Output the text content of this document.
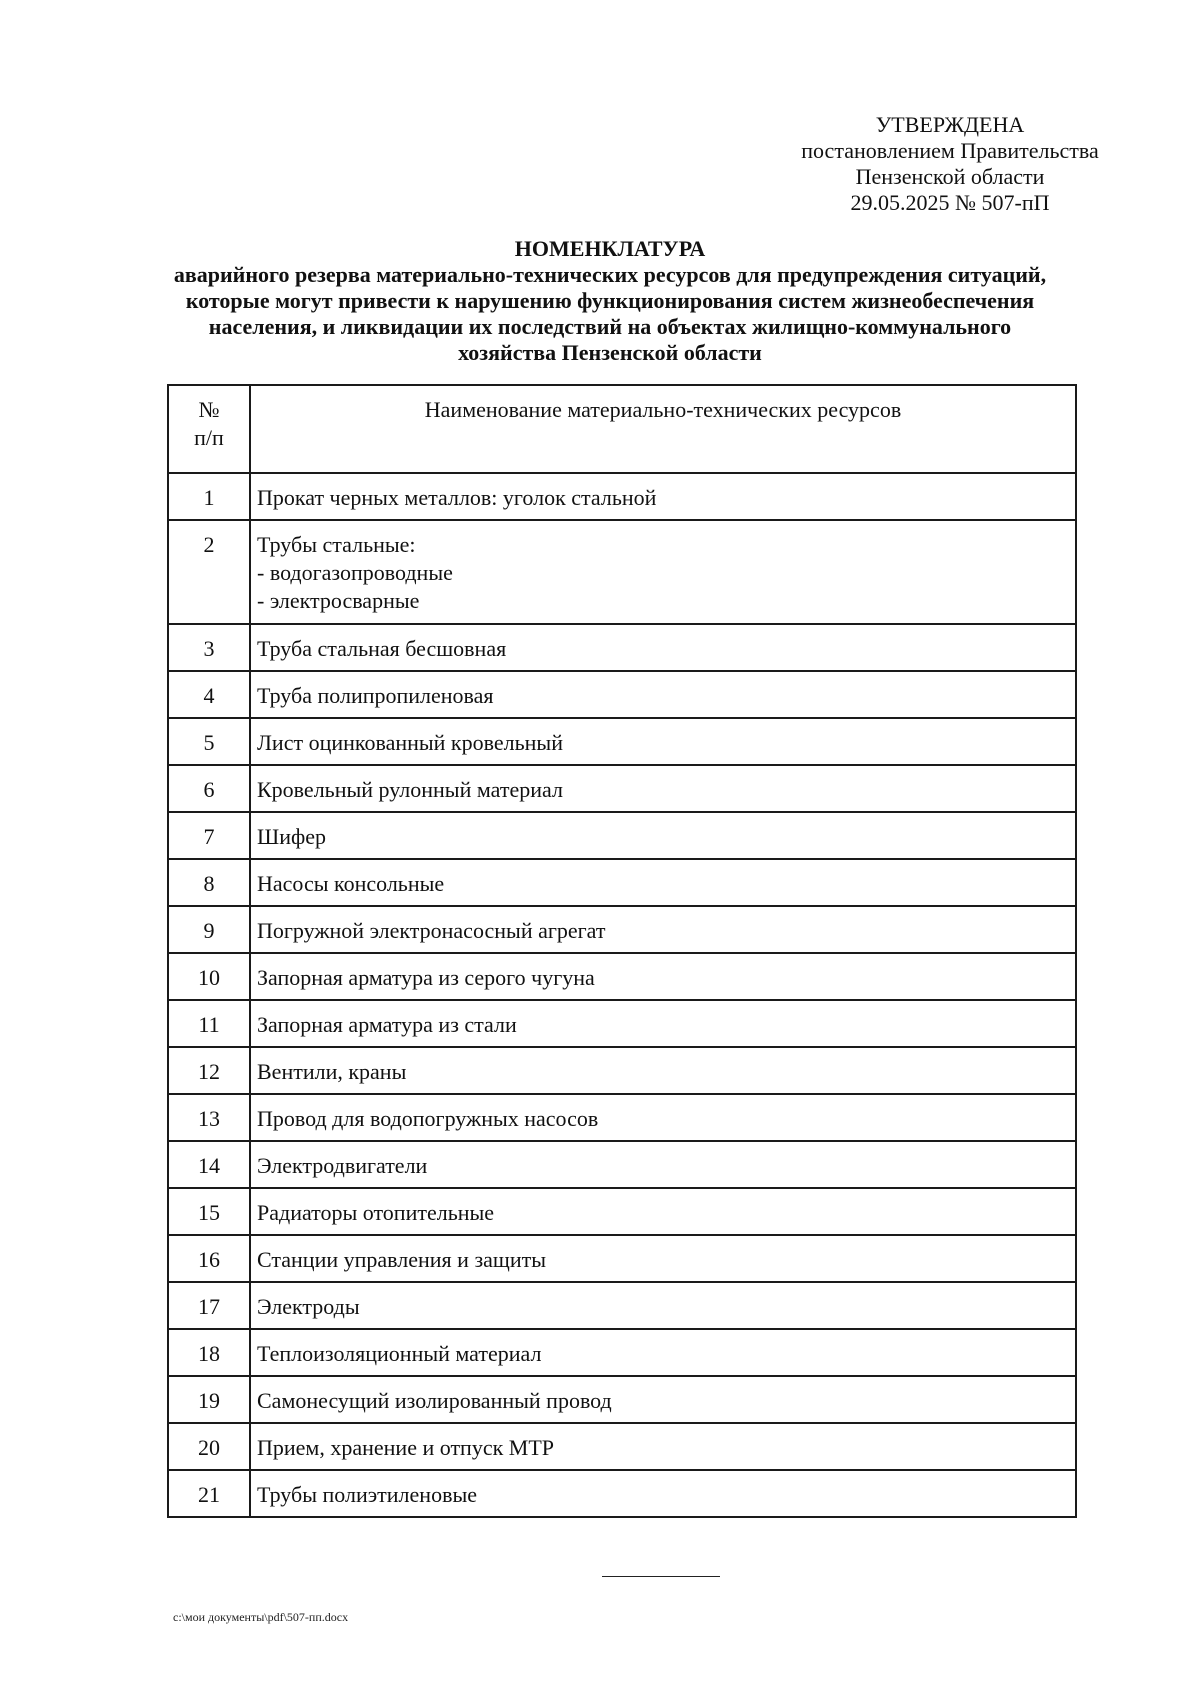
УТВЕРЖДЕНА
постановлением Правительства
Пензенской области
29.05.2025 № 507-пП
НОМЕНКЛАТУРА
аварийного резерва материально-технических ресурсов для предупреждения ситуаций,
которые могут привести к нарушению функционирования систем жизнеобеспечения
населения, и ликвидации их последствий на объектах жилищно-коммунального
хозяйства Пензенской области
№
п/п	Наименование материально-технических ресурсов
1	Прокат черных металлов: уголок стальной
2	Трубы стальные:
- водогазопроводные
- электросварные
3	Труба стальная бесшовная
4	Труба полипропиленовая
5	Лист оцинкованный кровельный
6	Кровельный рулонный материал
7	Шифер
8	Насосы консольные
9	Погружной электронасосный агрегат
10	Запорная арматура из серого чугуна
11	Запорная арматура из стали
12	Вентили, краны
13	Провод для водопогружных насосов
14	Электродвигатели
15	Радиаторы отопительные
16	Станции управления и защиты
17	Электроды
18	Теплоизоляционный материал
19	Самонесущий изолированный провод
20	Прием, хранение и отпуск МТР
21	Трубы полиэтиленовые
c:\мои документы\pdf\507-пп.docx
